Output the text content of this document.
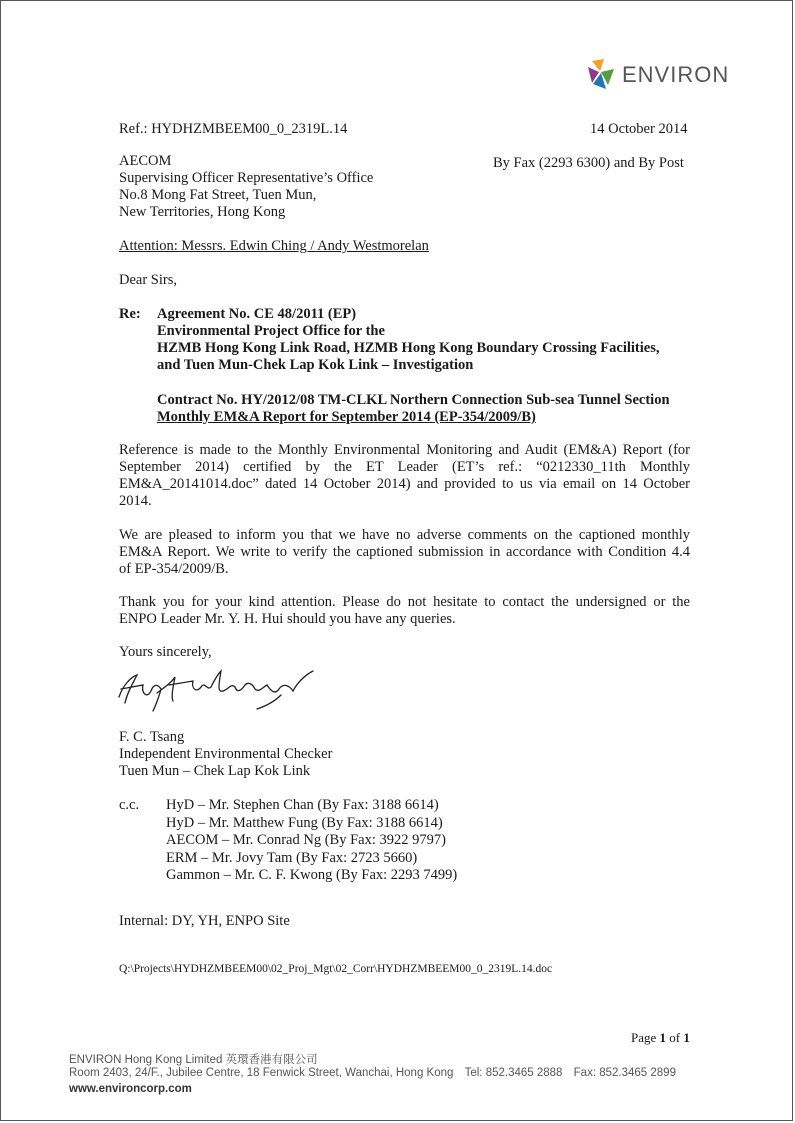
ENVIRON
Ref.: HYDHZMBEEM00_0_2319L.14	14 October 2014
By Fax (2293 6300) and By Post
AECOM
Supervising Officer Representative’s Office
No.8 Mong Fat Street, Tuen Mun,
New Territories, Hong Kong
Attention: Messrs. Edwin Ching / Andy Westmorelan
Dear Sirs,
Re: Agreement No. CE 48/2011 (EP)
Environmental Project Office for the
HZMB Hong Kong Link Road, HZMB Hong Kong Boundary Crossing Facilities,
and Tuen Mun-Chek Lap Kok Link – Investigation
Contract No. HY/2012/08 TM-CLKL Northern Connection Sub-sea Tunnel Section
Monthly EM&A Report for September 2014 (EP-354/2009/B)
Reference is made to the Monthly Environmental Monitoring and Audit (EM&A) Report (for
September 2014) certified by the ET Leader (ET’s ref.: “0212330_11th Monthly
EM&A_20141014.doc” dated 14 October 2014) and provided to us via email on 14 October
2014.
We are pleased to inform you that we have no adverse comments on the captioned monthly
EM&A Report. We write to verify the captioned submission in accordance with Condition 4.4
of EP-354/2009/B.
Thank you for your kind attention. Please do not hesitate to contact the undersigned or the
ENPO Leader Mr. Y. H. Hui should you have any queries.
Yours sincerely,
F. C. Tsang
Independent Environmental Checker
Tuen Mun – Chek Lap Kok Link
c.c. HyD – Mr. Stephen Chan (By Fax: 3188 6614)
HyD – Mr. Matthew Fung (By Fax: 3188 6614)
AECOM – Mr. Conrad Ng (By Fax: 3922 9797)
ERM – Mr. Jovy Tam (By Fax: 2723 5660)
Gammon – Mr. C. F. Kwong (By Fax: 2293 7499)
Internal: DY, YH, ENPO Site
Q:\Projects\HYDHZMBEEM00\02_Proj_Mgt\02_Corr\HYDHZMBEEM00_0_2319L.14.doc
Page 1 of 1
ENVIRON Hong Kong Limited 英環香港有限公司
Room 2403, 24/F., Jubilee Centre, 18 Fenwick Street, Wanchai, Hong Kong Tel: 852.3465 2888 Fax: 852.3465 2899
www.environcorp.com
